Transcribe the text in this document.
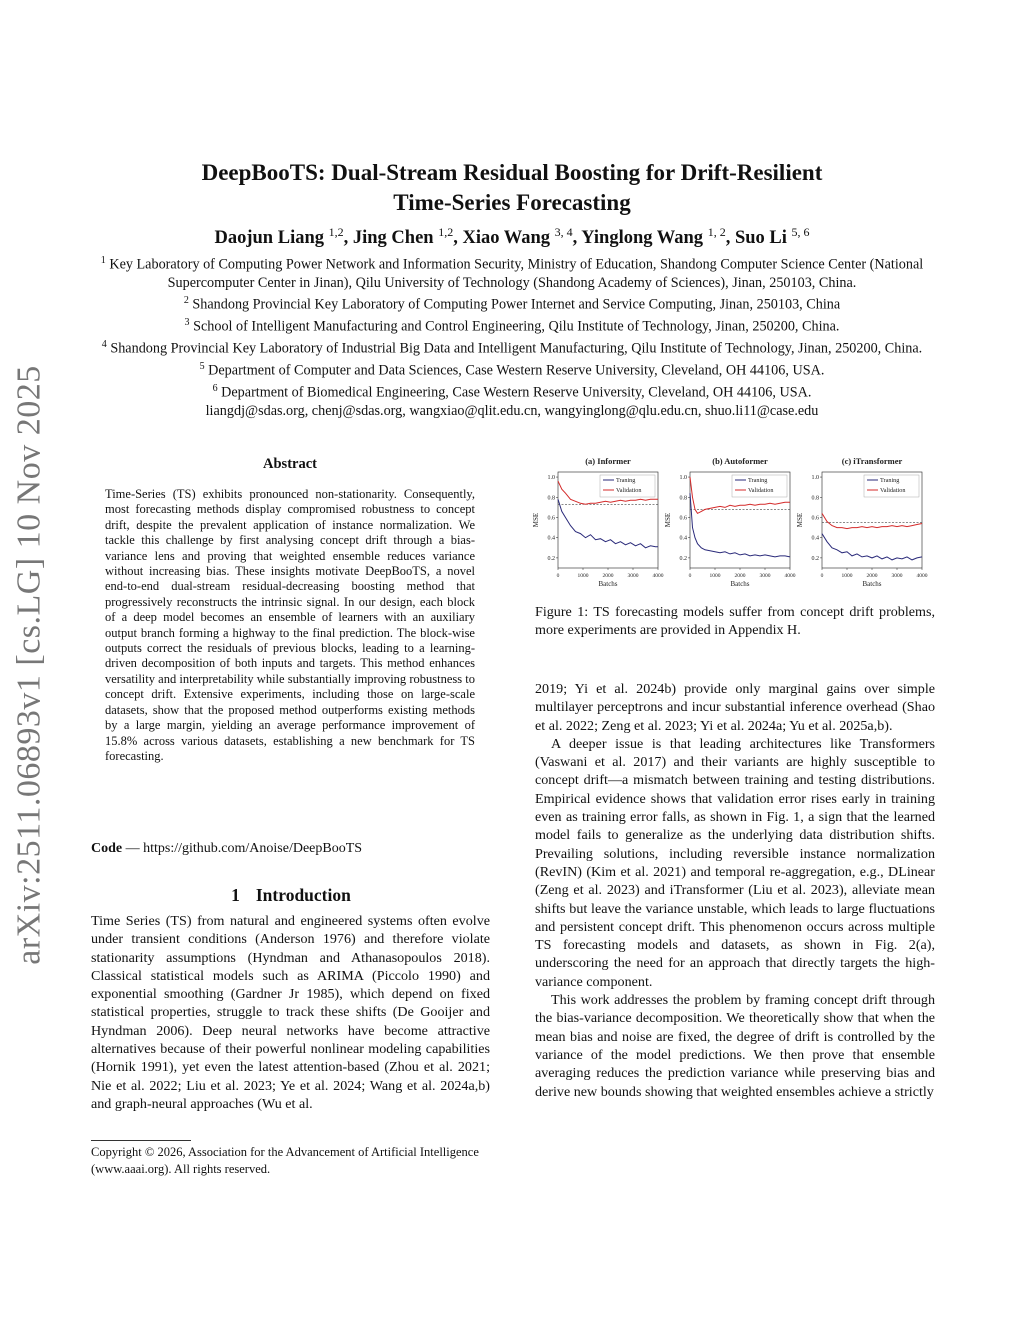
arXiv:2511.06893v1 [cs.LG] 10 Nov 2025
DeepBooTS: Dual-Stream Residual Boosting for Drift-Resilient
Time-Series Forecasting
Daojun Liang $^{1,2}$, Jing Chen $^{1,2}$, Xiao Wang $^{3, 4}$, Yinglong Wang $^{1, 2}$, Suo Li $^{5, 6}$
$^1$ Key Laboratory of Computing Power Network and Information Security, Ministry of Education, Shandong Computer Science Center (National Supercomputer Center in Jinan), Qilu University of Technology (Shandong Academy of Sciences), Jinan, 250103, China.
$^2$ Shandong Provincial Key Laboratory of Computing Power Internet and Service Computing, Jinan, 250103, China
$^3$ School of Intelligent Manufacturing and Control Engineering, Qilu Institute of Technology, Jinan, 250200, China.
$^4$ Shandong Provincial Key Laboratory of Industrial Big Data and Intelligent Manufacturing, Qilu Institute of Technology, Jinan, 250200, China.
$^5$ Department of Computer and Data Sciences, Case Western Reserve University, Cleveland, OH 44106, USA.
$^6$ Department of Biomedical Engineering, Case Western Reserve University, Cleveland, OH 44106, USA.
liangdj@sdas.org, chenj@sdas.org, wangxiao@qlit.edu.cn, wangyinglong@qlu.edu.cn, shuo.li11@case.edu
Abstract
Time-Series (TS) exhibits pronounced non-stationarity. Consequently, most forecasting methods display compromised robustness to concept drift, despite the prevalent application of instance normalization. We tackle this challenge by first analysing concept drift through a bias-variance lens and proving that weighted ensemble reduces variance without increasing bias. These insights motivate DeepBooTS, a novel end-to-end dual-stream residual-decreasing boosting method that progressively reconstructs the intrinsic signal. In our design, each block of a deep model becomes an ensemble of learners with an auxiliary output branch forming a highway to the final prediction. The block-wise outputs correct the residuals of previous blocks, leading to a learning-driven decomposition of both inputs and targets. This method enhances versatility and interpretability while substantially improving robustness to concept drift. Extensive experiments, including those on large-scale datasets, show that the proposed method outperforms existing methods by a large margin, yielding an average performance improvement of 15.8% across various datasets, establishing a new benchmark for TS forecasting.
Code — https://github.com/Anoise/DeepBooTS
1 Introduction
Time Series (TS) from natural and engineered systems often evolve under transient conditions (Anderson 1976) and therefore violate stationarity assumptions (Hyndman and Athanasopoulos 2018). Classical statistical models such as ARIMA (Piccolo 1990) and exponential smoothing (Gardner Jr 1985), which depend on fixed statistical properties, struggle to track these shifts (De Gooijer and Hyndman 2006). Deep neural networks have become attractive alternatives because of their powerful nonlinear modeling capabilities (Hornik 1991), yet even the latest attention-based (Zhou et al. 2021; Nie et al. 2022; Liu et al. 2023; Ye et al. 2024; Wang et al. 2024a,b) and graph-neural approaches (Wu et al.
Copyright © 2026, Association for the Advancement of Artificial Intelligence (www.aaai.org). All rights reserved.
(a) Informer
0.2
0.4
0.6
0.8
1.0
0	1000	2000	3000	4000
Batchs
MSE
Traning
Validation
(b) Autoformer
0.2
0.4
0.6
0.8
1.0
0	1000	2000	3000	4000
Batchs
MSE
Traning
Validation
(c) iTransformer
0.2
0.4
0.6
0.8
1.0
0	1000	2000	3000	4000
Batchs
MSE
Traning
Validation
Figure 1: TS forecasting models suffer from concept drift problems, more experiments are provided in Appendix H.

2019; Yi et al. 2024b) provide only marginal gains over simple multilayer perceptrons and incur substantial inference overhead (Shao et al. 2022; Zeng et al. 2023; Yi et al. 2024a; Yu et al. 2025a,b).

A deeper issue is that leading architectures like Transformers (Vaswani et al. 2017) and their variants are highly susceptible to concept drift—a mismatch between training and testing distributions. Empirical evidence shows that validation error rises early in training even as training error falls, as shown in Fig. 1, a sign that the learned model fails to generalize as the underlying data distribution shifts. Prevailing solutions, including reversible instance normalization (RevIN) (Kim et al. 2021) and temporal re-aggregation, e.g., DLinear (Zeng et al. 2023) and iTransformer (Liu et al. 2023), alleviate mean shifts but leave the variance unstable, which leads to large fluctuations and persistent concept drift. This phenomenon occurs across multiple TS forecasting models and datasets, as shown in Fig. 2(a), underscoring the need for an approach that directly targets the high-variance component.

This work addresses the problem by framing concept drift through the bias-variance decomposition. We theoretically show that when the mean bias and noise are fixed, the degree of drift is controlled by the variance of the model predictions. We then prove that ensemble averaging reduces the prediction variance while preserving bias and derive new bounds showing that weighted ensembles achieve a strictly
